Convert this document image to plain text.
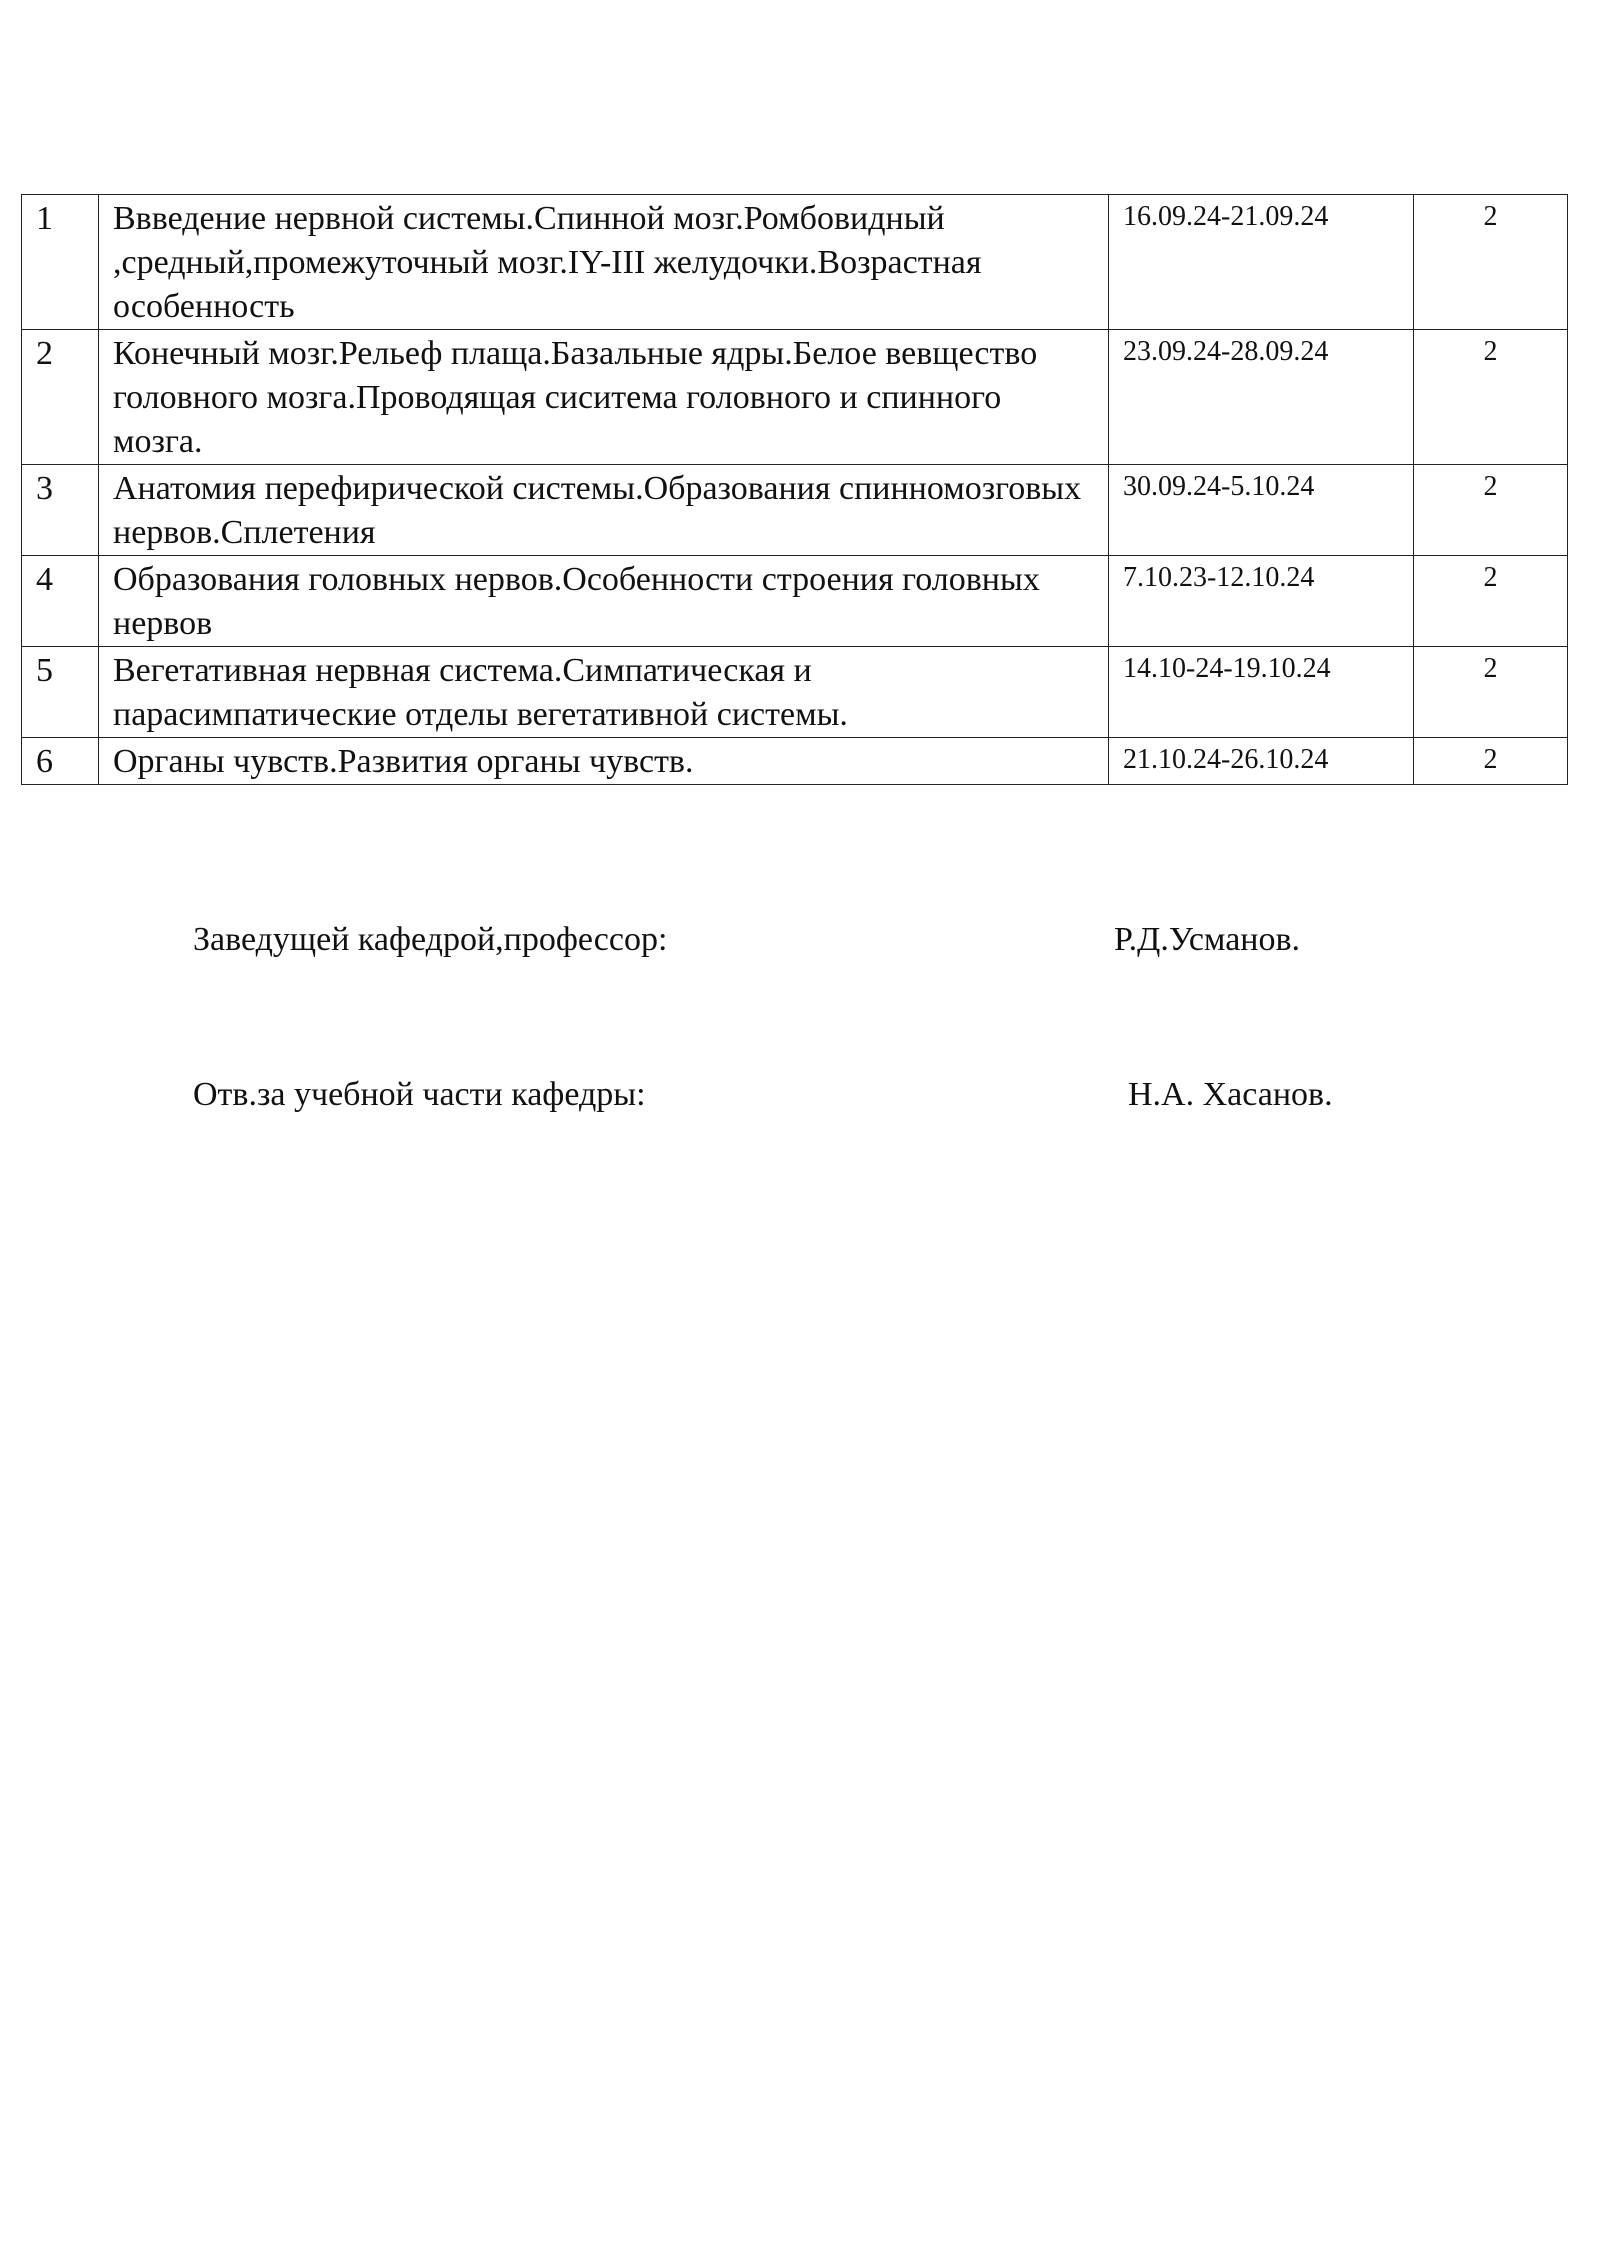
1	Ввведение нервной системы.Спинной мозг.Ромбовидный ,средный,промежуточный мозг.IY-III желудочки.Возрастная особенность	16.09.24-21.09.24	2
2	Конечный мозг.Рельеф плаща.Базальные ядры.Белое вевщество головного мозга.Проводящая сиситема головного и спинного мозга.	23.09.24-28.09.24	2
3	Анатомия перефирической системы.Образования спинномозговых нервов.Сплетения	30.09.24-5.10.24	2
4	Образования головных нервов.Особенности строения головных нервов	7.10.23-12.10.24	2
5	Вегетативная нервная система.Симпатическая и парасимпатические отделы вегетативной системы.	14.10-24-19.10.24	2
6	Органы чувств.Развития органы чувств.	21.10.24-26.10.24	2
Заведущей кафедрой,профессор:	Р.Д.Усманов.
Отв.за учебной части кафедры:	Н.А. Хасанов.
